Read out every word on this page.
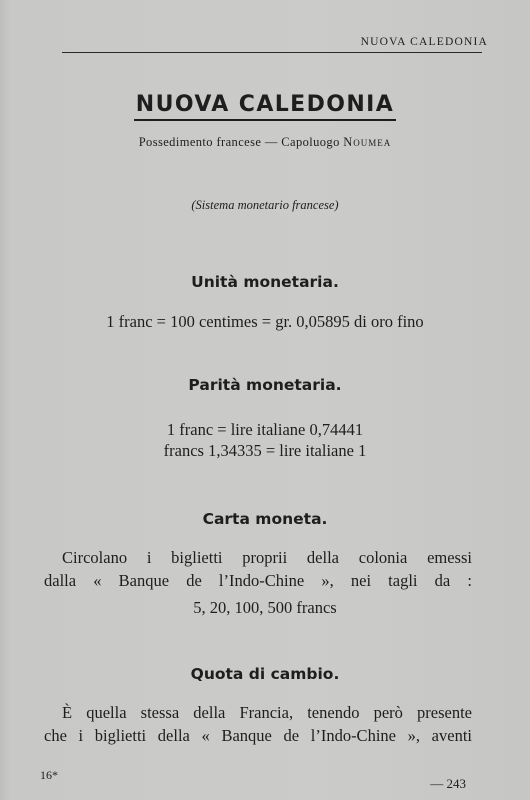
NUOVA CALEDONIA
NUOVA CALEDONIA
Possedimento francese — Capoluogo Noumea
(Sistema monetario francese)
Unità monetaria.
1 franc = 100 centimes = gr. 0,05895 di oro fino
Parità monetaria.
1 franc = lire italiane 0,74441
francs 1,34335 = lire italiane 1
Carta moneta.
Circolano i biglietti proprii della colonia emessi
dalla « Banque de l’Indo-Chine », nei tagli da :
5, 20, 100, 500 francs
Quota di cambio.
È quella stessa della Francia, tenendo però presente
che i biglietti della « Banque de l’Indo-Chine », aventi
16*
— 243
